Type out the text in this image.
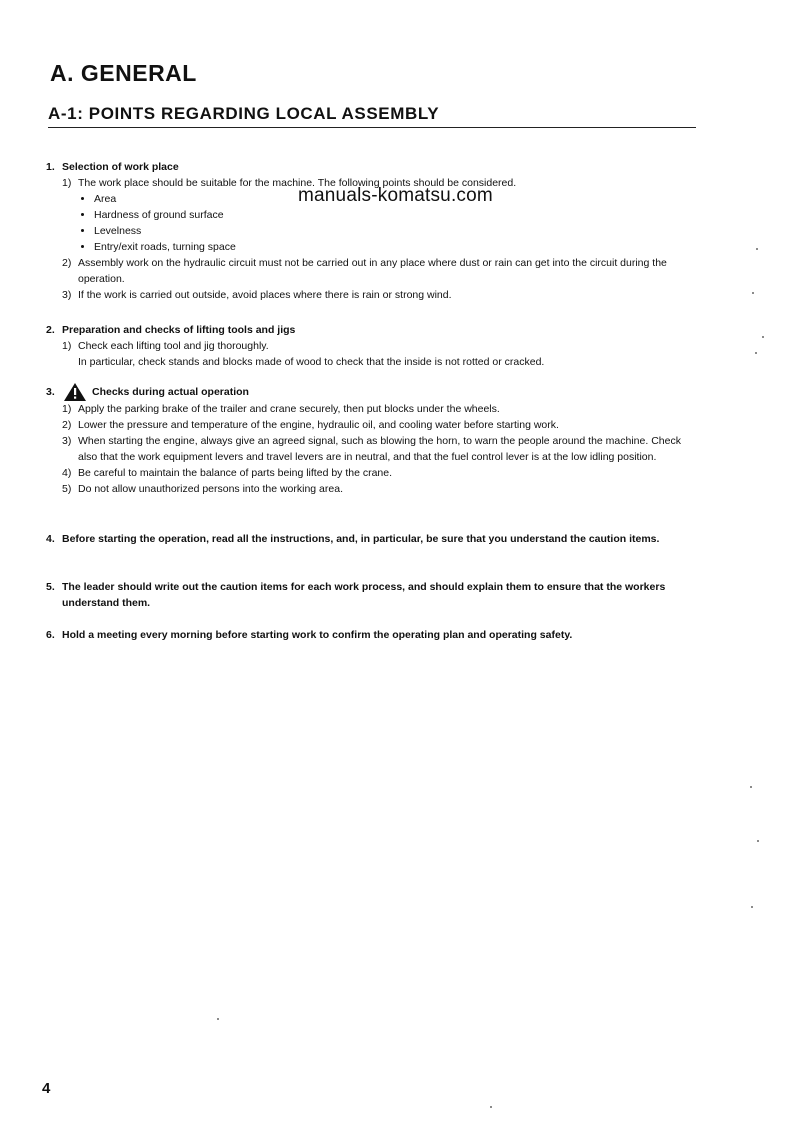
A. GENERAL
A-1: POINTS REGARDING LOCAL ASSEMBLY
1. Selection of work place
1) The work place should be suitable for the machine. The following points should be considered.
Area
Hardness of ground surface
Levelness
Entry/exit roads, turning space
2) Assembly work on the hydraulic circuit must not be carried out in any place where dust or rain can get into the circuit during the operation.
3) If the work is carried out outside, avoid places where there is rain or strong wind.
2. Preparation and checks of lifting tools and jigs
1) Check each lifting tool and jig thoroughly.
In particular, check stands and blocks made of wood to check that the inside is not rotted or cracked.
3.	Checks during actual operation
1) Apply the parking brake of the trailer and crane securely, then put blocks under the wheels.
2) Lower the pressure and temperature of the engine, hydraulic oil, and cooling water before starting work.
3) When starting the engine, always give an agreed signal, such as blowing the horn, to warn the people around the machine. Check also that the work equipment levers and travel levers are in neutral, and that the fuel control lever is at the low idling position.
4) Be careful to maintain the balance of parts being lifted by the crane.
5) Do not allow unauthorized persons into the working area.
4. Before starting the operation, read all the instructions, and, in particular, be sure that you understand the caution items.
5. The leader should write out the caution items for each work process, and should explain them to ensure that the workers understand them.
6. Hold a meeting every morning before starting work to confirm the operating plan and operating safety.
manuals-komatsu.com
4
